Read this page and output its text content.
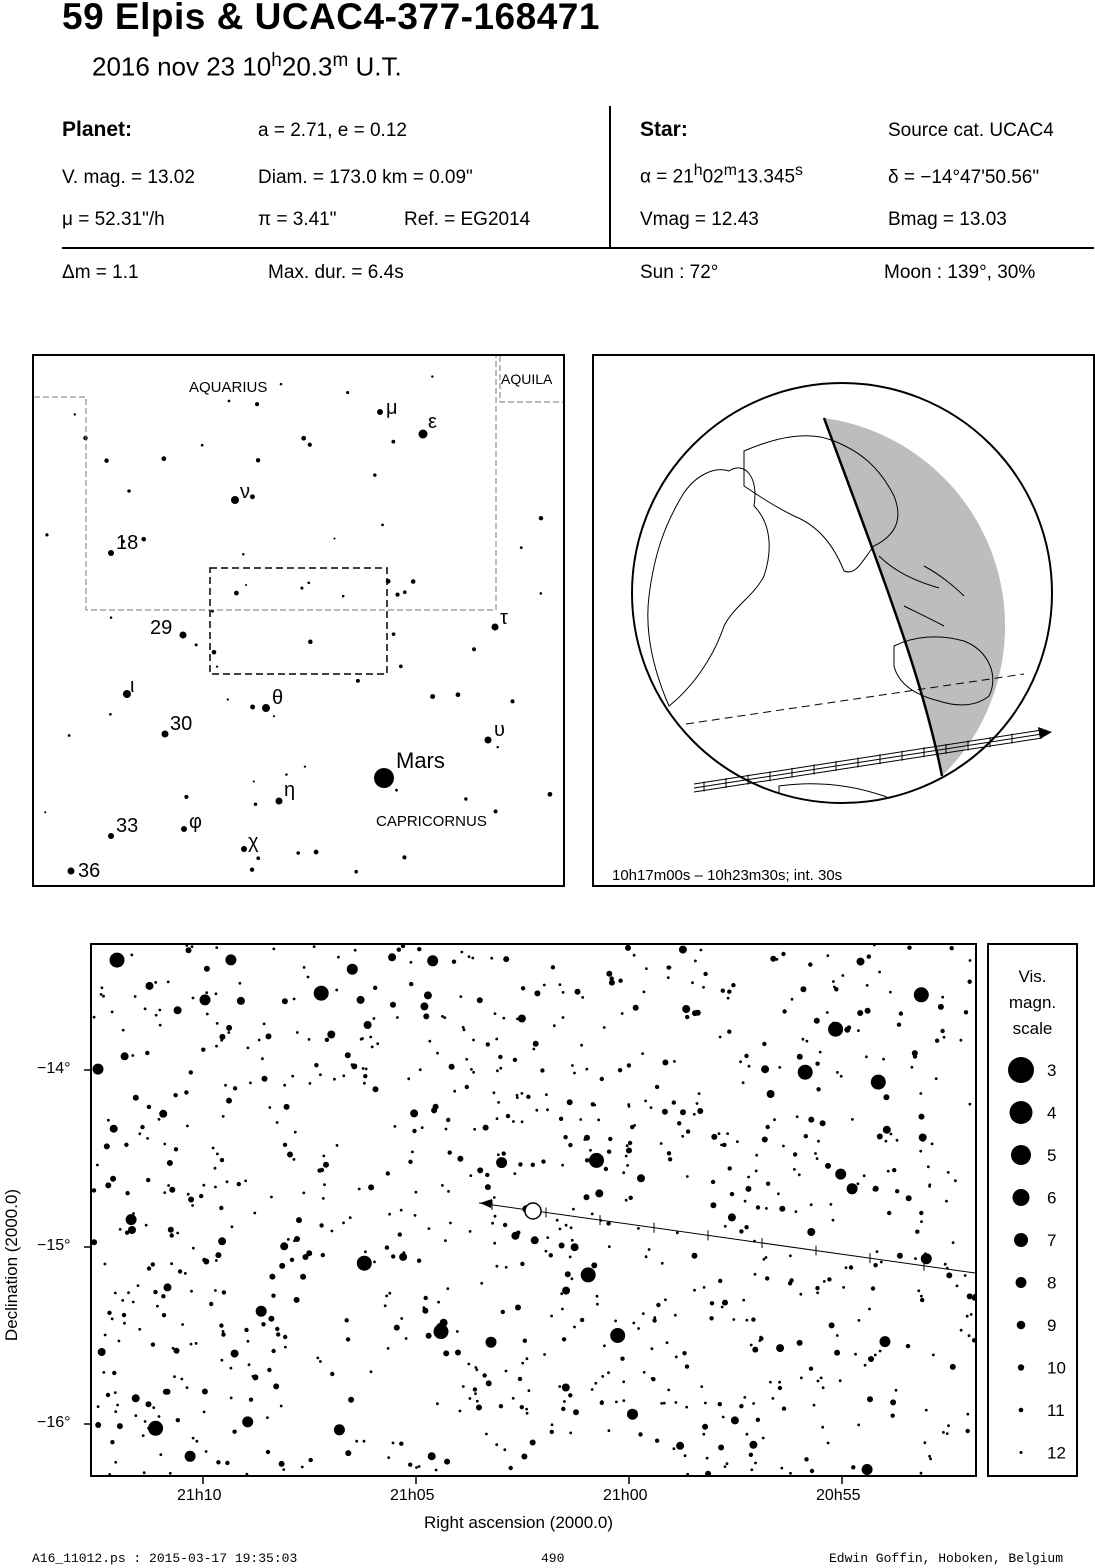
59 Elpis & UCAC4-377-168471
2016 nov 23 10$^h$20.3$^m$ U.T.
Planet:	a = 2.71, e = 0.12
V. mag. = 13.02	Diam. = 173.0 km = 0.09"
μ = 52.31"/h	π = 3.41"	Ref. = EG2014
Star:	Source cat. UCAC4
$\alpha = 21^h02^m13.345^s$	δ = −14°47'50.56"
Vmag = 12.43	Bmag = 13.03
Δm = 1.1	Max. dur. = 6.4s	Sun : 72°	Moon : 139°, 30%
AQUARIUS	AQUILA
CAPRICORNUS
Mars
μ
ε
ν
18
29	τ
ι
θ
30	υ
η
33	φ
χ
36	10h17m00s – 10h23m30s; int. 30s
−14°
−15°
−16°
21h10	21h05	21h00	20h55
Declination (2000.0)
Right ascension (2000.0)
Vis.
magn.
scale
3
4
5
6
7
8
9
10
11
12
A16_11012.ps : 2015-03-17 19:35:03	490	Edwin Goffin, Hoboken, Belgium
